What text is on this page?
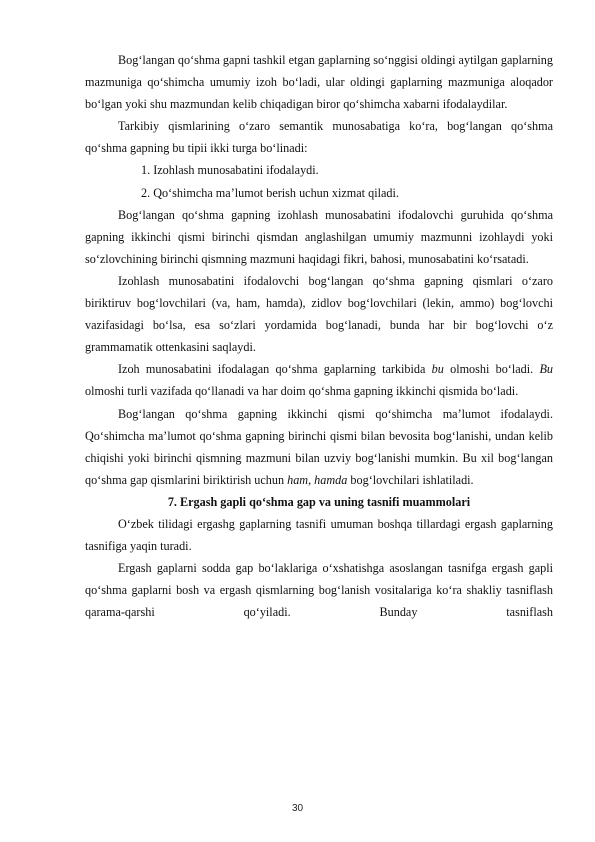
Bog‘langan qo‘shma gapni tashkil etgan gaplarning so‘nggisi oldingi aytilgan gaplarning mazmuniga qo‘shimcha umumiy izoh bo‘ladi, ular oldingi gaplarning mazmuniga aloqador bo‘lgan yoki shu mazmundan kelib chiqadigan biror qo‘shimcha xabarni ifodalaydilar.

Tarkibiy qismlarining o‘zaro semantik munosabatiga ko‘ra, bog‘langan qo‘shma qo‘shma gapning bu tipii ikki turga bo‘linadi:

1. Izohlash munosabatini ifodalaydi.

2. Qo‘shimcha ma’lumot berish uchun xizmat qiladi.

Bog‘langan qo‘shma gapning izohlash munosabatini ifodalovchi guruhida qo‘shma gapning ikkinchi qismi birinchi qismdan anglashilgan umumiy mazmunni izohlaydi yoki so‘zlovchining birinchi qismning mazmuni haqidagi fikri, bahosi, munosabatini ko‘rsatadi.

Izohlash munosabatini ifodalovchi bog‘langan qo‘shma gapning qismlari o‘zaro biriktiruv bog‘lovchilari (va, ham, hamda), zidlov bog‘lovchilari (lekin, ammo) bog‘lovchi vazifasidagi bo‘lsa, esa so‘zlari yordamida bog‘lanadi, bunda har bir bog‘lovchi o‘z grammamatik ottenkasini saqlaydi.

Izoh munosabatini ifodalagan qo‘shma gaplarning tarkibida bu olmoshi bo‘ladi. Bu olmoshi turli vazifada qo‘llanadi va har doim qo‘shma gapning ikkinchi qismida bo‘ladi.

Bog‘langan qo‘shma gapning ikkinchi qismi qo‘shimcha ma’lumot ifodalaydi. Qo‘shimcha ma’lumot qo‘shma gapning birinchi qismi bilan bevosita bog‘lanishi, undan kelib chiqishi yoki birinchi qismning mazmuni bilan uzviy bog‘lanishi mumkin. Bu xil bog‘langan qo‘shma gap qismlarini biriktirish uchun ham, hamda bog‘lovchilari ishlatiladi.

7. Ergash gapli qo‘shma gap va uning tasnifi muammolari

O‘zbek tilidagi ergashg gaplarning tasnifi umuman boshqa tillardagi ergash gaplarning tasnifiga yaqin turadi.

Ergash gaplarni sodda gap bo‘laklariga o‘xshatishga asoslangan tasnifga ergash gapli qo‘shma gaplarni bosh va ergash qismlarning bog‘lanish vositalariga ko‘ra shakliy tasniflash qarama-qarshi qo‘yiladi. Bunday tasniflash

30
